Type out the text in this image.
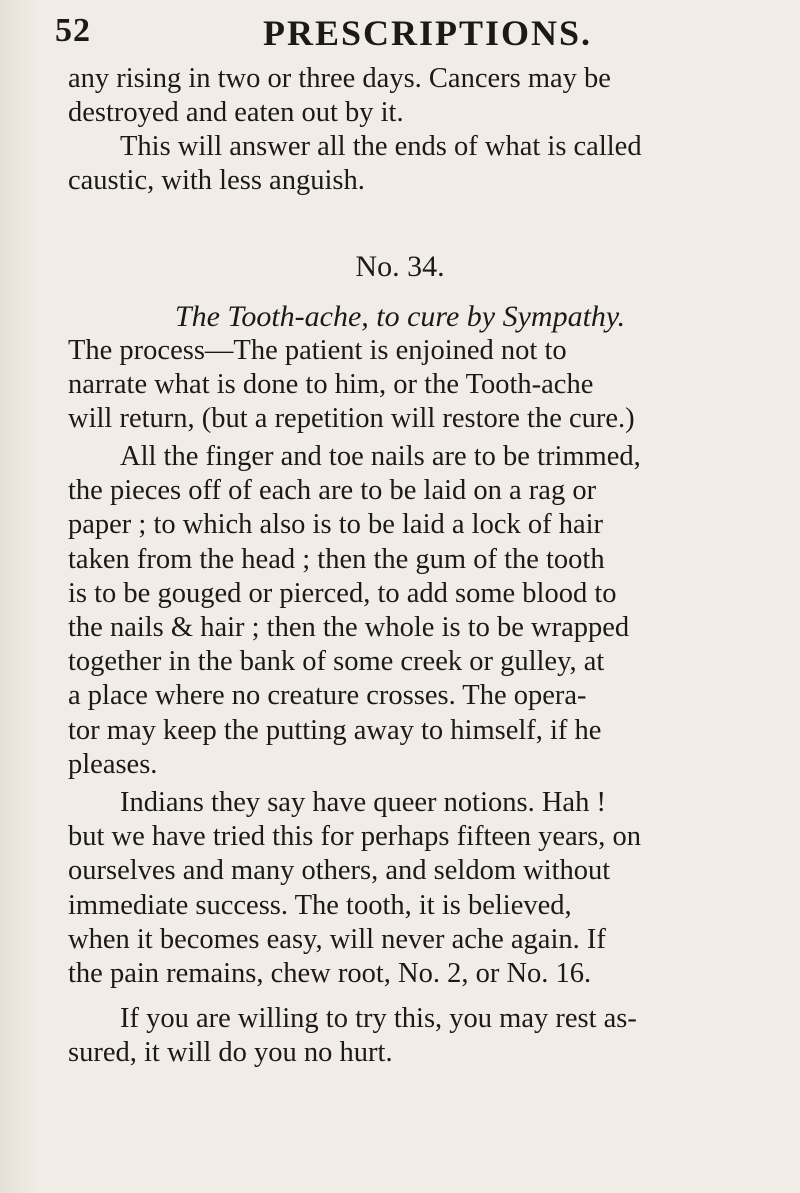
52	PRESCRIPTIONS.

any rising in two or three days. Cancers may be

destroyed and eaten out by it.

This will answer all the ends of what is called

caustic, with less anguish.

No. 34.
The Tooth-ache, to cure by Sympathy.

The process—The patient is enjoined not to

narrate what is done to him, or the Tooth-ache

will return, (but a repetition will restore the cure.)

All the finger and toe nails are to be trimmed,

the pieces off of each are to be laid on a rag or

paper ; to which also is to be laid a lock of hair

taken from the head ; then the gum of the tooth

is to be gouged or pierced, to add some blood to

the nails & hair ; then the whole is to be wrapped

together in the bank of some creek or gulley, at

a place where no creature crosses. The opera-

tor may keep the putting away to himself, if he

pleases.

Indians they say have queer notions. Hah !

but we have tried this for perhaps fifteen years, on

ourselves and many others, and seldom without

immediate success. The tooth, it is believed,

when it becomes easy, will never ache again. If

the pain remains, chew root, No. 2, or No. 16.

If you are willing to try this, you may rest as-

sured, it will do you no hurt.
